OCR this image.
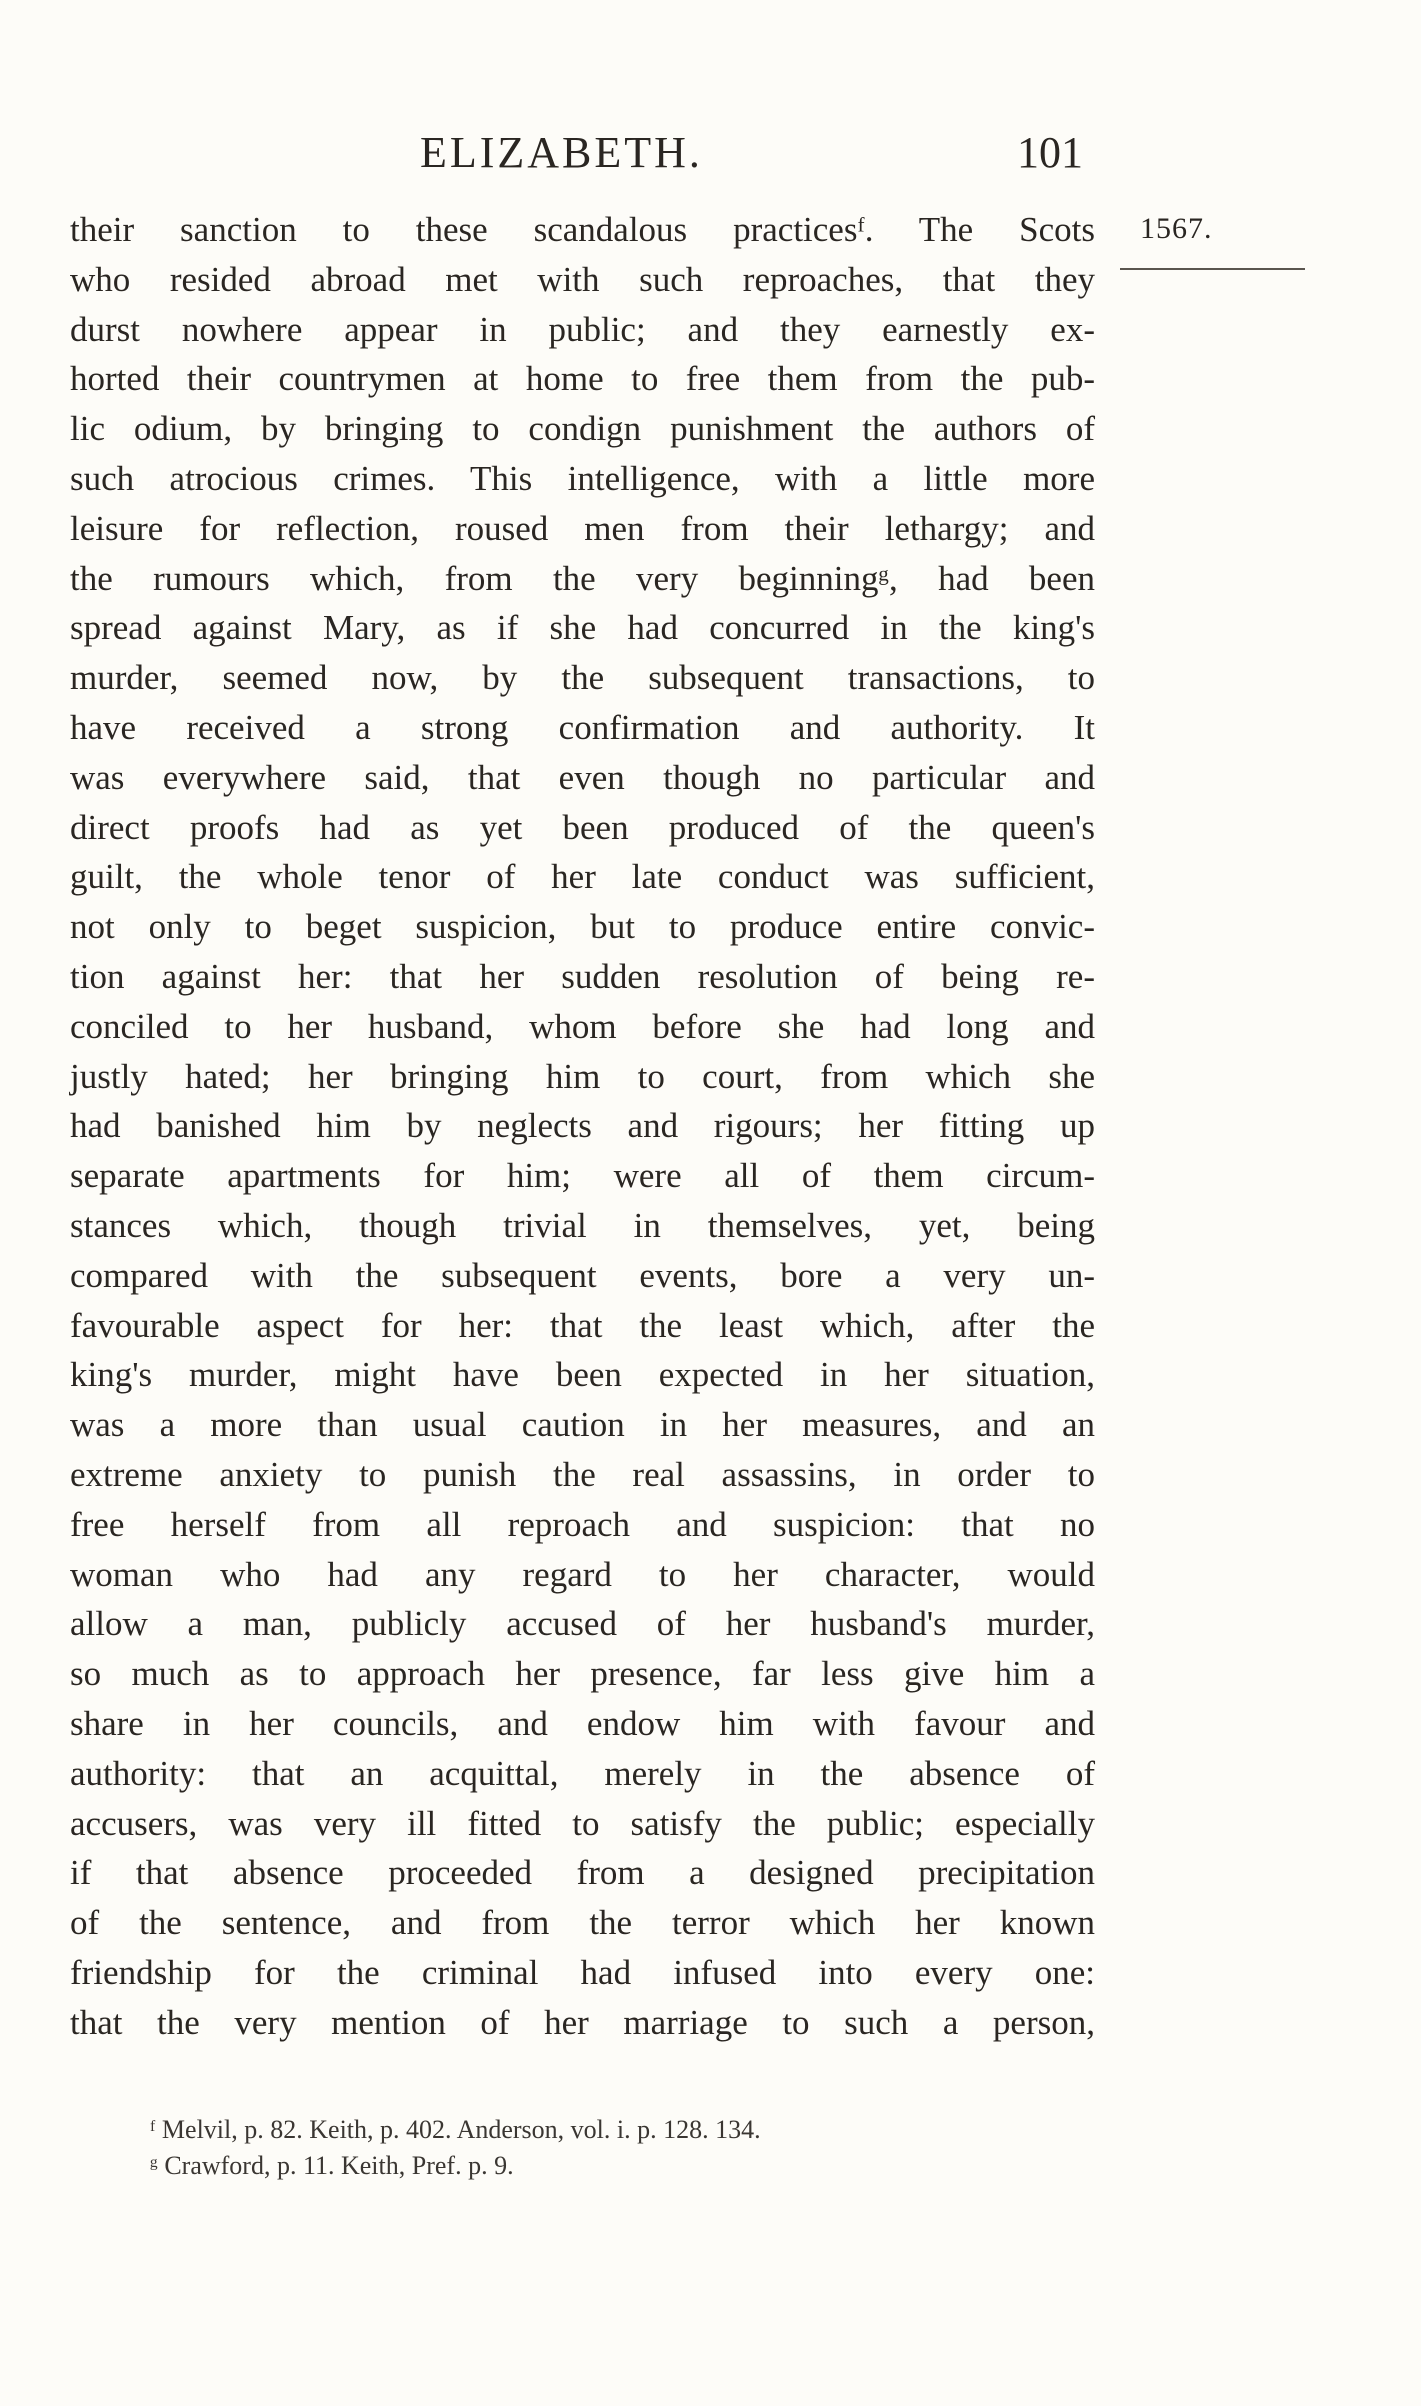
ELIZABETH.	101
1567.
their sanction to these scandalous practicesᶠ. The Scots
who resided abroad met with such reproaches, that they
durst nowhere appear in public; and they earnestly ex-
horted their countrymen at home to free them from the pub-
lic odium, by bringing to condign punishment the authors of
such atrocious crimes. This intelligence, with a little more
leisure for reflection, roused men from their lethargy; and
the rumours which, from the very beginningᵍ, had been
spread against Mary, as if she had concurred in the king's
murder, seemed now, by the subsequent transactions, to
have received a strong confirmation and authority. It
was everywhere said, that even though no particular and
direct proofs had as yet been produced of the queen's
guilt, the whole tenor of her late conduct was sufficient,
not only to beget suspicion, but to produce entire convic-
tion against her: that her sudden resolution of being re-
conciled to her husband, whom before she had long and
justly hated; her bringing him to court, from which she
had banished him by neglects and rigours; her fitting up
separate apartments for him; were all of them circum-
stances which, though trivial in themselves, yet, being
compared with the subsequent events, bore a very un-
favourable aspect for her: that the least which, after the
king's murder, might have been expected in her situation,
was a more than usual caution in her measures, and an
extreme anxiety to punish the real assassins, in order to
free herself from all reproach and suspicion: that no
woman who had any regard to her character, would
allow a man, publicly accused of her husband's murder,
so much as to approach her presence, far less give him a
share in her councils, and endow him with favour and
authority: that an acquittal, merely in the absence of
accusers, was very ill fitted to satisfy the public; especially
if that absence proceeded from a designed precipitation
of the sentence, and from the terror which her known
friendship for the criminal had infused into every one:
that the very mention of her marriage to such a person,
ᶠ Melvil, p. 82. Keith, p. 402. Anderson, vol. i. p. 128. 134.
ᵍ Crawford, p. 11. Keith, Pref. p. 9.
